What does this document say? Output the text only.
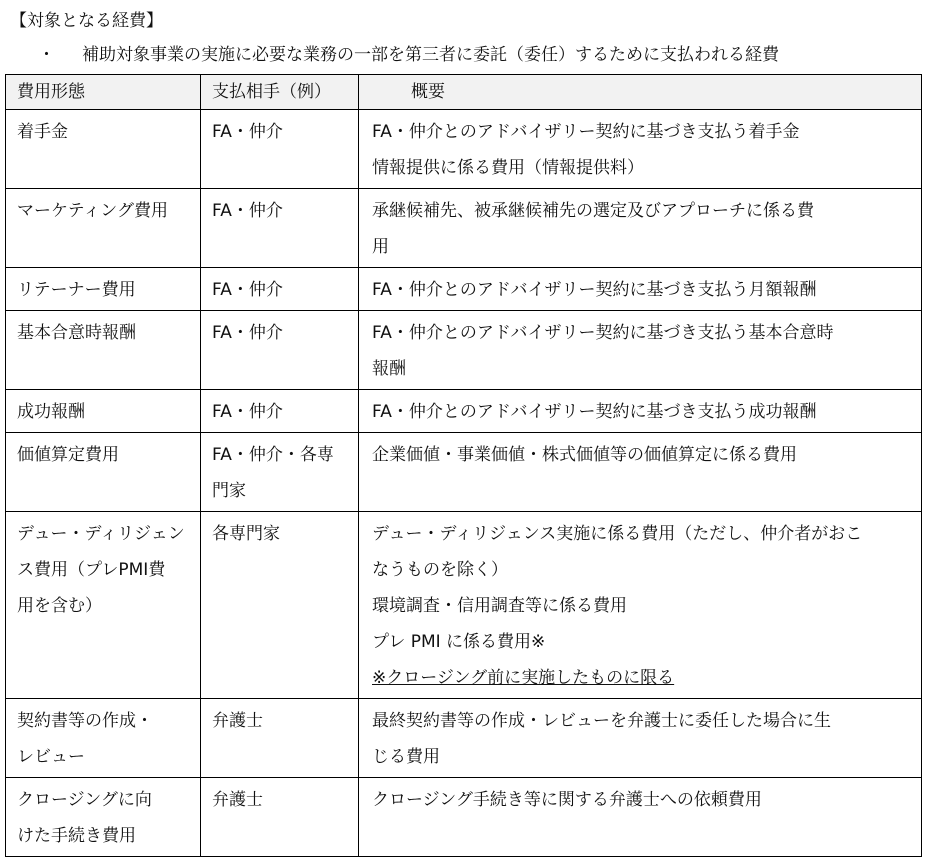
【対象となる経費】
・ 補助対象事業の実施に必要な業務の一部を第三者に委託（委任）するために支払われる経費
費用形態	支払相手（例）	概要

着手金	FA・仲介	FA・仲介とのアドバイザリー契約に基づき支払う着手金
情報提供に係る費用（情報提供料）

マーケティング費用	FA・仲介	承継候補先、被承継候補先の選定及びアプローチに係る費
用

リテーナー費用	FA・仲介	FA・仲介とのアドバイザリー契約に基づき支払う月額報酬

基本合意時報酬	FA・仲介	FA・仲介とのアドバイザリー契約に基づき支払う基本合意時
報酬

成功報酬	FA・仲介	FA・仲介とのアドバイザリー契約に基づき支払う成功報酬

価値算定費用	FA・仲介・各専
門家	企業価値・事業価値・株式価値等の価値算定に係る費用

デュー・ディリジェン
ス費用（プレPMI費
用を含む）	各専門家	デュー・ディリジェンス実施に係る費用（ただし、仲介者がおこ
なうものを除く）
環境調査・信用調査等に係る費用
プレ PMI に係る費用※
※クロージング前に実施したものに限る

契約書等の作成・
レビュー	弁護士	最終契約書等の作成・レビューを弁護士に委任した場合に生
じる費用

クロージングに向
けた手続き費用	弁護士	クロージング手続き等に関する弁護士への依頼費用
